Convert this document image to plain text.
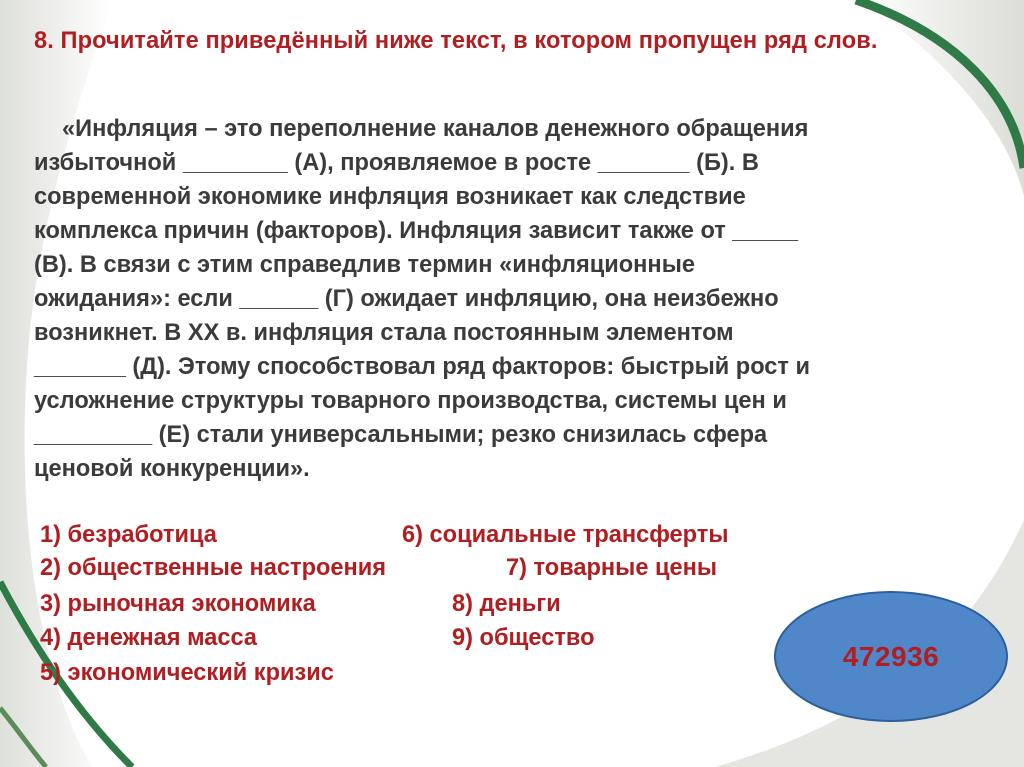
8. Прочитайте приведённый ниже текст, в котором пропущен ряд слов.
«Инфляция – это переполнение каналов денежного обращения
избыточной ________ (А), проявляемое в росте _______ (Б). В
современной экономике инфляция возникает как следствие
комплекса причин (факторов). Инфляция зависит также от _____
(В). В связи с этим справедлив термин «инфляционные
ожидания»: если ______ (Г) ожидает инфляцию, она неизбежно
возникнет. В XX в. инфляция стала постоянным элементом
_______ (Д). Этому способствовал ряд факторов: быстрый рост и
усложнение структуры товарного производства, системы цен и
_________ (Е) стали универсальными; резко снизилась сфера
ценовой конкуренции».
1) безработица
2) общественные настроения
3) рыночная экономика
4) денежная масса
5) экономический кризис
6) социальные трансферты
7) товарные цены
8) деньги
9) общество
472936
